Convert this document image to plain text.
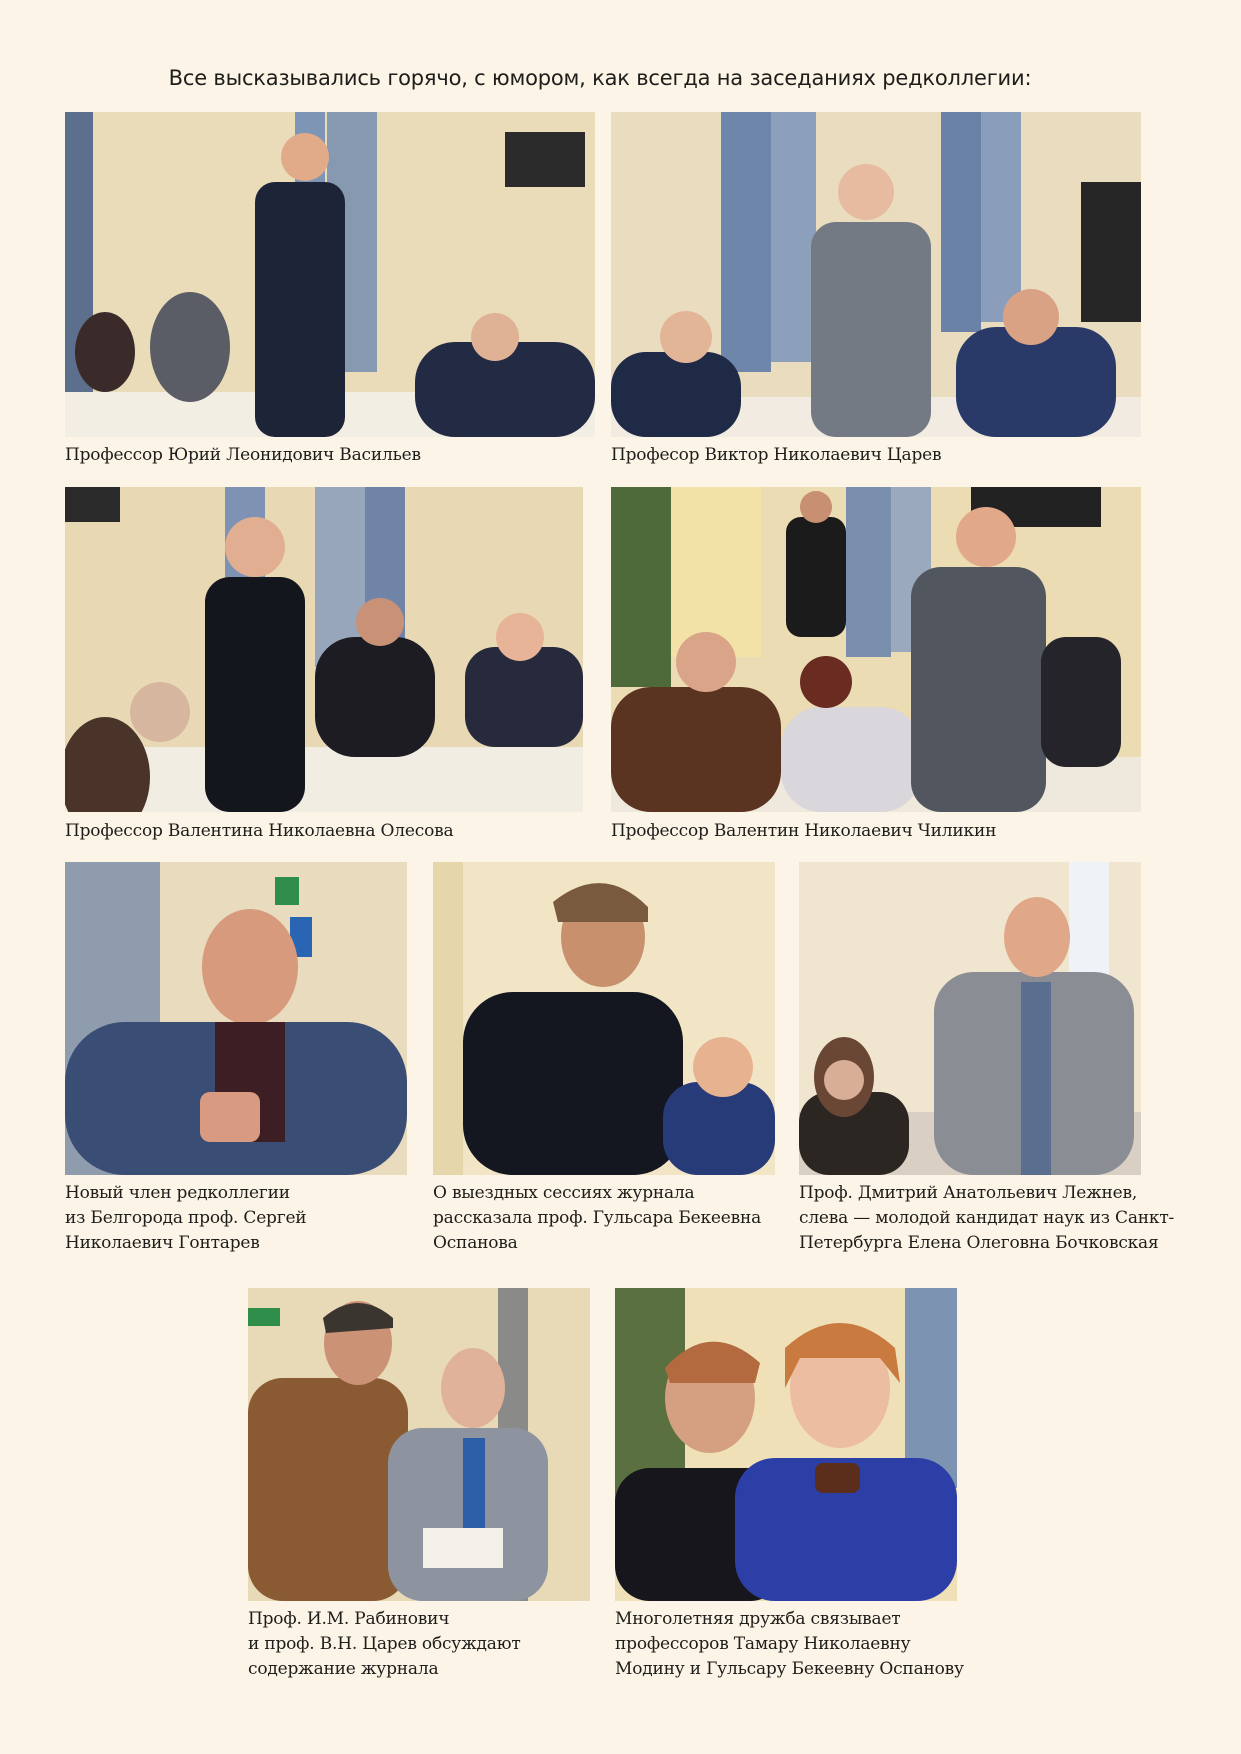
Все высказывались горячо, с юмором, как всегда на заседаниях редколлегии:
Профессор Юрий Леонидович Васильев	Професор Виктор Николаевич Царев
Профессор Валентина Николаевна Олесова	Профессор Валентин Николаевич Чиликин
Новый член редколлегии
из Белгорода проф. Сергей
Николаевич Гонтарев
О выездных сессиях журнала
рассказала проф. Гульсара Бекеевна
Оспанова
Проф. Дмитрий Анатольевич Лежнев,
слева — молодой кандидат наук из Санкт-
Петербурга Елена Олеговна Бочковская
Проф. И.М. Рабинович
и проф. В.Н. Царев обсуждают
содержание журнала
Многолетняя дружба связывает
профессоров Тамару Николаевну
Модину и Гульсару Бекеевну Оспанову
